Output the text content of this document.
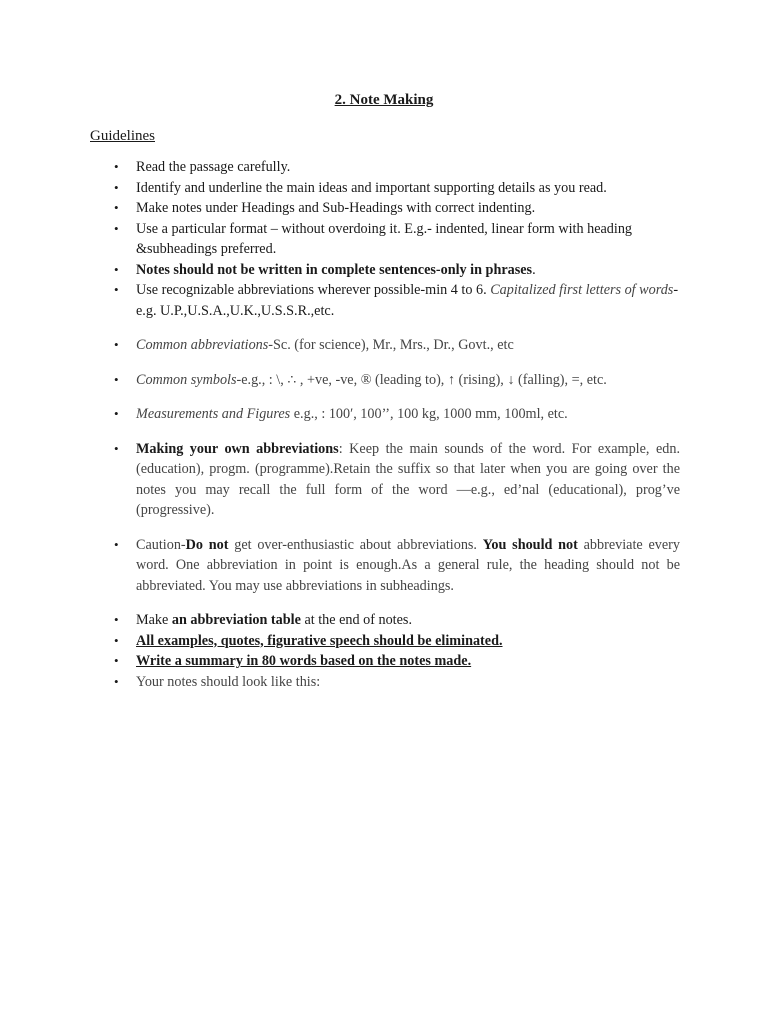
2. Note Making
Guidelines
• Read the passage carefully.
• Identify and underline the main ideas and important supporting details as you read.
• Make notes under Headings and Sub-Headings with correct indenting.
• Use a particular format – without overdoing it. E.g.- indented, linear form with heading &subheadings preferred.
• Notes should not be written in complete sentences-only in phrases.
• Use recognizable abbreviations wherever possible-min 4 to 6. Capitalized first letters of words-e.g. U.P.,U.S.A.,U.K.,U.S.S.R.,etc.
• Common abbreviations-Sc. (for science), Mr., Mrs., Dr., Govt., etc
• Common symbols-e.g., : \, ∴ , +ve, -ve, ® (leading to), ↑ (rising), ↓ (falling), =, etc.
• Measurements and Figures e.g., : 100′, 100’’, 100 kg, 1000 mm, 100ml, etc.
• Making your own abbreviations: Keep the main sounds of the word. For example, edn. (education), progm. (programme).Retain the suffix so that later when you are going over the notes you may recall the full form of the word —e.g., ed’nal (educational), prog’ve (progressive).
• Caution-Do not get over-enthusiastic about abbreviations. You should not abbreviate every word. One abbreviation in point is enough.As a general rule, the heading should not be abbreviated. You may use abbreviations in subheadings.
• Make an abbreviation table at the end of notes.
• All examples, quotes, figurative speech should be eliminated.
• Write a summary in 80 words based on the notes made.
• Your notes should look like this:
